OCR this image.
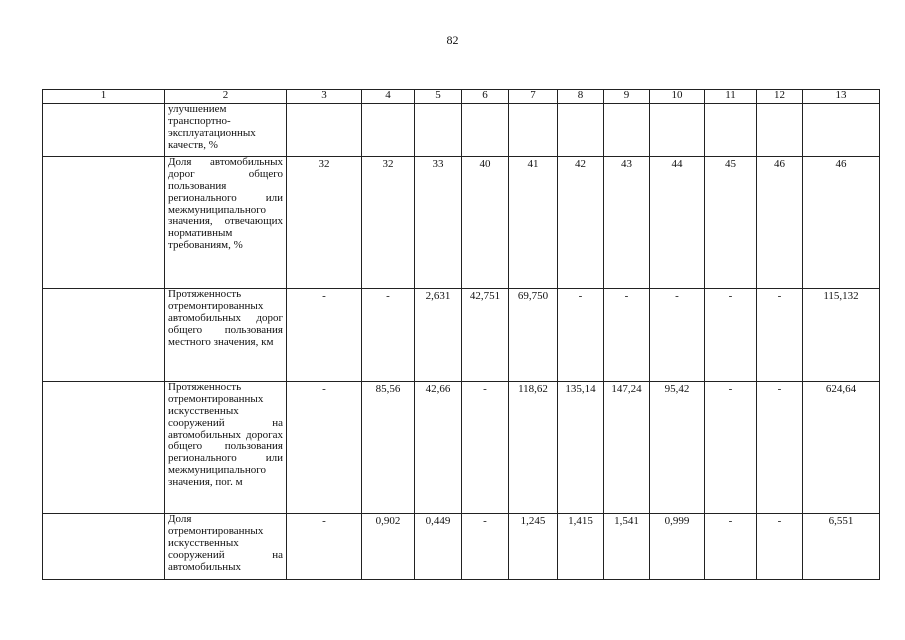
82
1	2	3	4	5	6	7	8	9	10	11	12	13
	улучшением транспортно-эксплуатационных качеств, %											
	Доля автомобильных дорог общего пользования регионального или межмуниципального значения, отвечающих нормативным требованиям, %	32	32	33	40	41	42	43	44	45	46	46
	Протяженность отремонтированных автомобильных дорог общего пользования местного значения, км	-	-	2,631	42,751	69,750	-	-	-	-	-	115,132
	Протяженность отремонтированных искусственных сооружений на автомобильных дорогах общего пользования регионального или межмуниципального значения, пог. м	-	85,56	42,66	-	118,62	135,14	147,24	95,42	-	-	624,64
	Доля отремонтированных искусственных сооружений на автомобильных	-	0,902	0,449	-	1,245	1,415	1,541	0,999	-	-	6,551
